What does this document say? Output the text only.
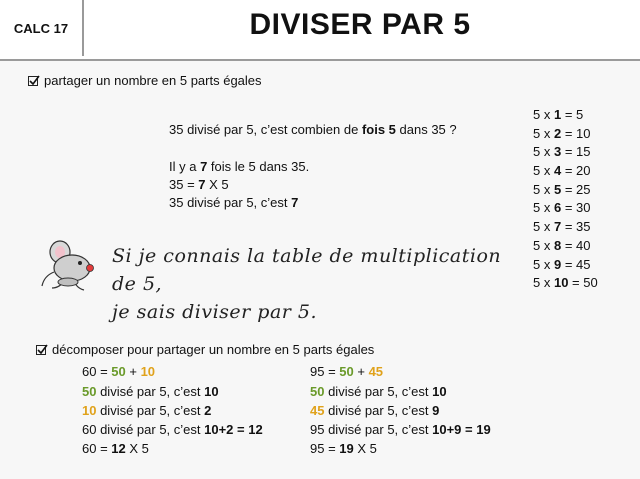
CALC 17	DIVISER PAR 5
partager un nombre en 5 parts égales
35 divisé par 5, c’est combien de fois 5 dans 35 ?
Il y a 7 fois le 5 dans 35.
35 = 7 X 5
35 divisé par 5, c’est 7
5 x 1 = 5
5 x 2 = 10
5 x 3 = 15
5 x 4 = 20
5 x 5 = 25
5 x 6 = 30
5 x 7 = 35
5 x 8 = 40
5 x 9 = 45
5 x 10 = 50
Si je connais la table de multiplication de 5,
je sais diviser par 5.
décomposer pour partager un nombre en 5 parts égales
60 = 50 + 10
50 divisé par 5, c’est 10
10 divisé par 5, c’est 2
60 divisé par 5, c’est 10+2 = 12
60 = 12 X 5
95 = 50 + 45
50 divisé par 5, c’est 10
45 divisé par 5, c’est 9
95 divisé par 5, c’est 10+9 = 19
95 = 19 X 5
